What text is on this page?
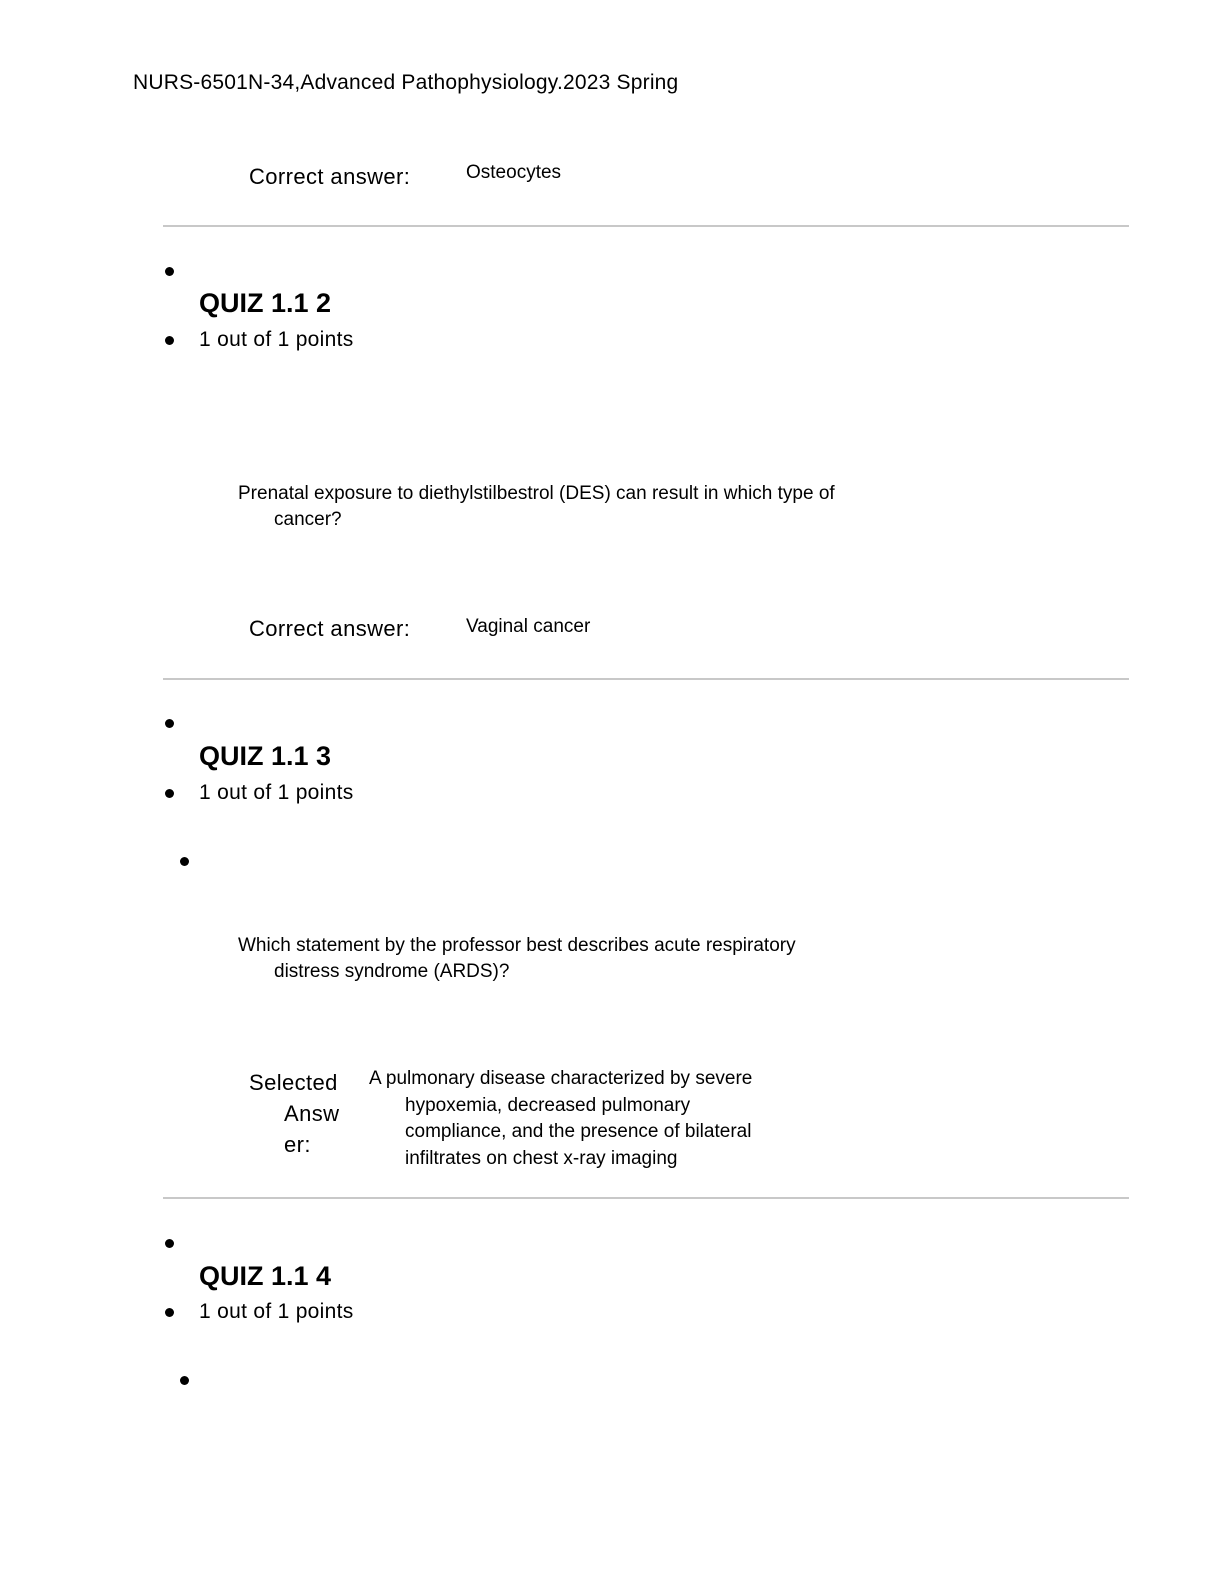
NURS-6501N-34,Advanced Pathophysiology.2023 Spring

Correct answer:	Osteocytes

QUIZ 1.1 2

1 out of 1 points

Prenatal exposure to diethylstilbestrol (DES) can result in which type of
cancer?

Correct answer:	Vaginal cancer

QUIZ 1.1 3

1 out of 1 points

Which statement by the professor best describes acute respiratory
distress syndrome (ARDS)?
Selected
Answ
er:
A pulmonary disease characterized by severe
hypoxemia, decreased pulmonary
compliance, and the presence of bilateral
infiltrates on chest x-ray imaging

QUIZ 1.1 4

1 out of 1 points
